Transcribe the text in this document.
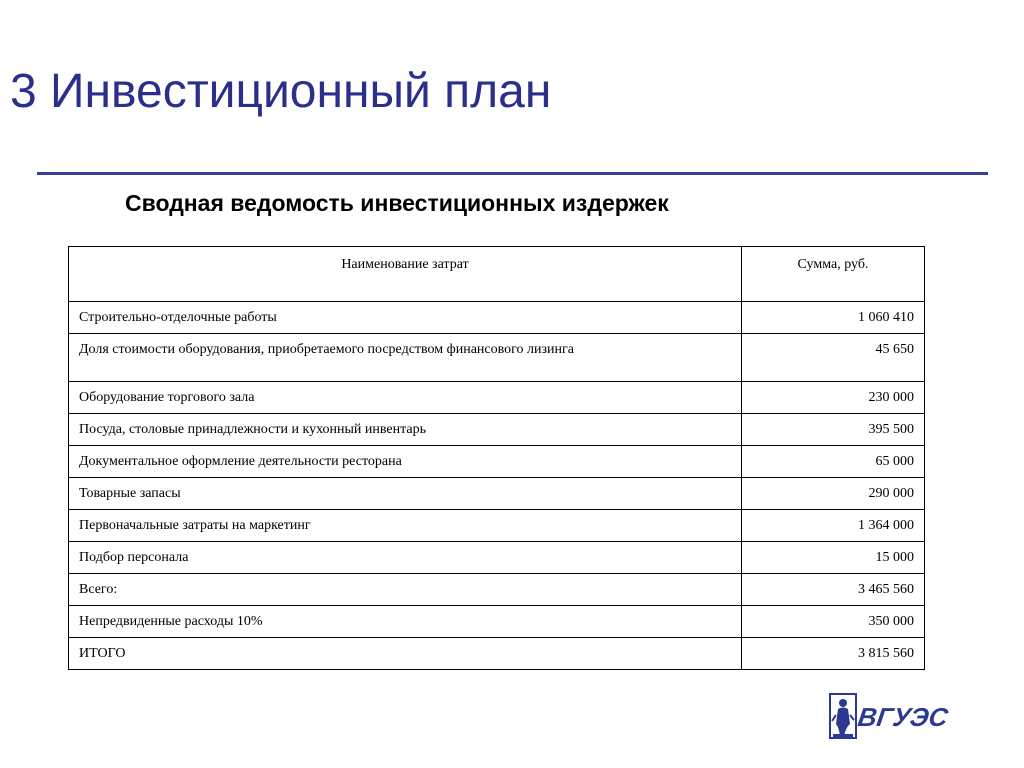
3 Инвестиционный план
Сводная ведомость инвестиционных издержек
Наименование затрат	Сумма, руб.
Строительно-отделочные работы	1 060 410
Доля стоимости оборудования, приобретаемого посредством финансового лизинга	45 650
Оборудование торгового зала	230 000
Посуда, столовые принадлежности и кухонный инвентарь	395 500
Документальное оформление деятельности ресторана	65 000
Товарные запасы	290 000
Первоначальные затраты на маркетинг	1 364 000
Подбор персонала	15 000
Всего:	3 465 560
Непредвиденные расходы 10%	350 000
ИТОГО	3 815 560
ВГУЭС
